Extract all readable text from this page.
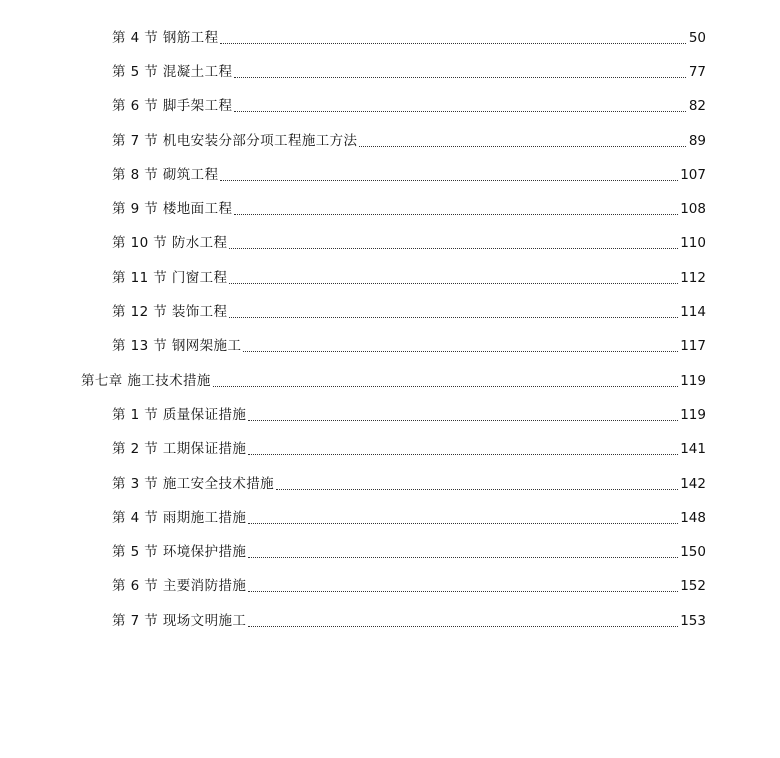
第 4 节 钢筋工程	50
第 5 节 混凝土工程	77
第 6 节 脚手架工程	82
第 7 节 机电安装分部分项工程施工方法	89
第 8 节 砌筑工程	107
第 9 节 楼地面工程	108
第 10 节 防水工程	110
第 11 节 门窗工程	112
第 12 节 装饰工程	114
第 13 节 钢网架施工	117
第七章 施工技术措施	119
第 1 节 质量保证措施	119
第 2 节 工期保证措施	141
第 3 节 施工安全技术措施	142
第 4 节 雨期施工措施	148
第 5 节 环境保护措施	150
第 6 节 主要消防措施	152
第 7 节 现场文明施工	153
